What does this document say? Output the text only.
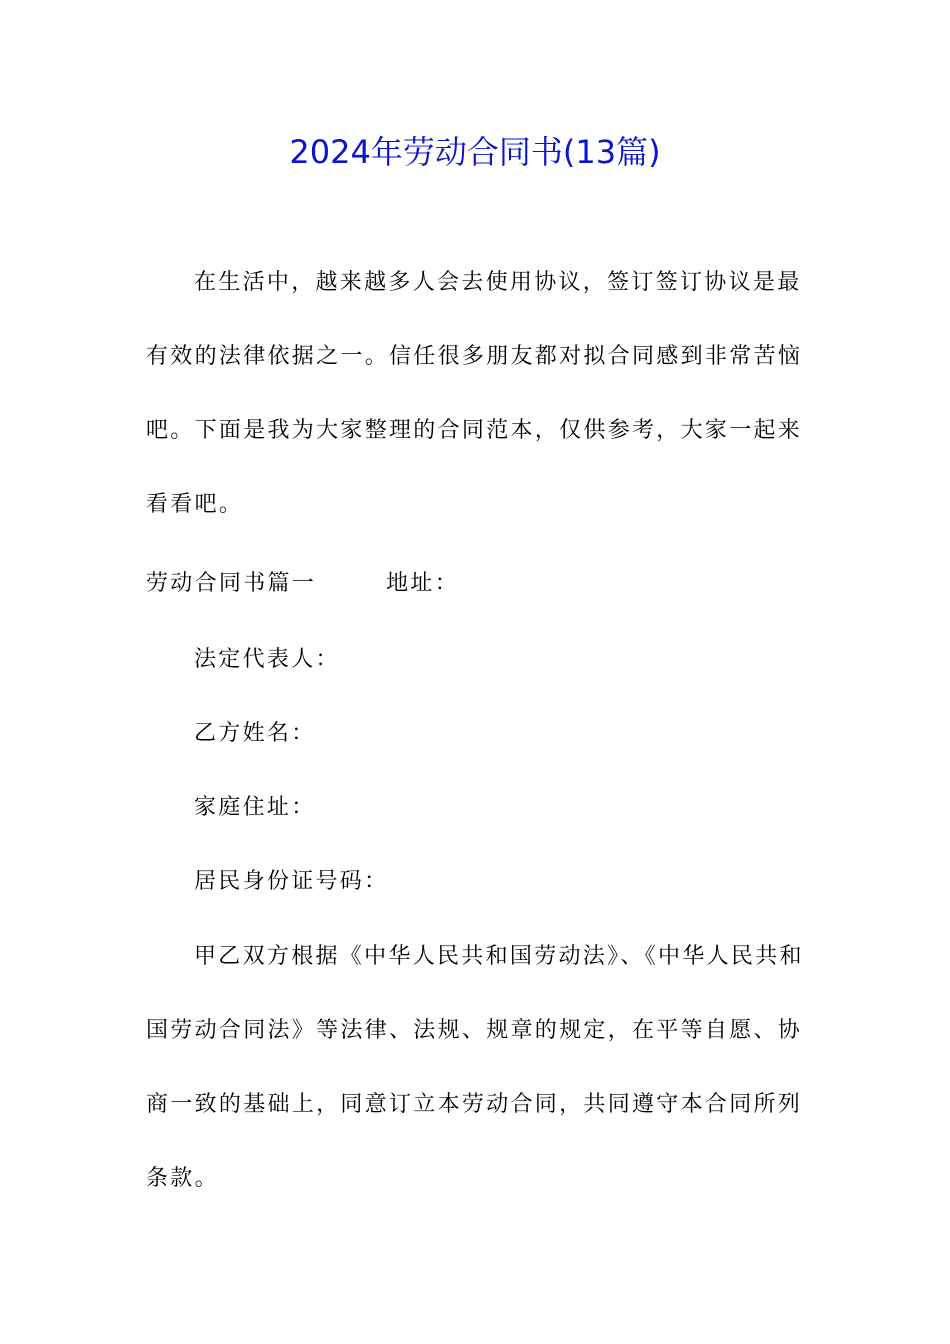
2024年劳动合同书(13篇)

在生活中，越来越多人会去使用协议，签订签订协议是最有效的法律依据之一。信任很多朋友都对拟合同感到非常苦恼吧。下面是我为大家整理的合同范本，仅供参考，大家一起来看看吧。

劳动合同书篇一	地址：
法定代表人：
乙方姓名：
家庭住址：
居民身份证号码：

甲乙双方根据《中华人民共和国劳动法》、《中华人民共和国劳动合同法》等法律、法规、规章的规定，在平等自愿、协商一致的基础上，同意订立本劳动合同，共同遵守本合同所列条款。
